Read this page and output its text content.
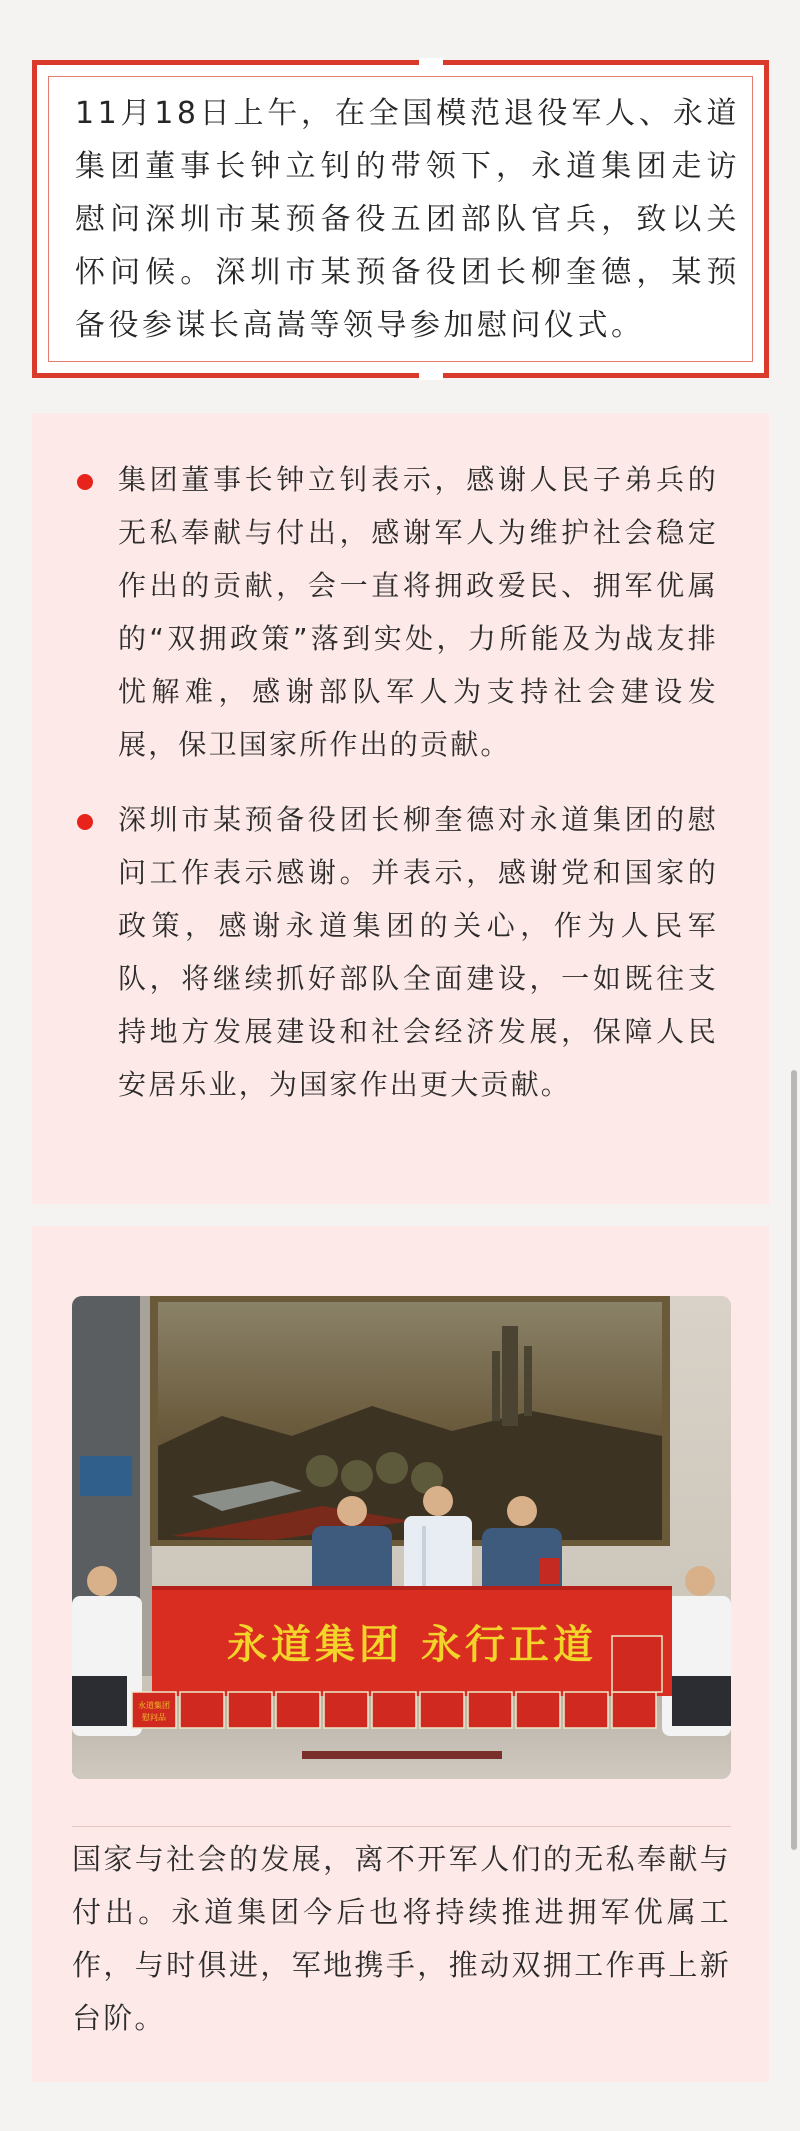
11月18日上午，在全国模范退役军人、永道集团董事长钟立钊的带领下，永道集团走访慰问深圳市某预备役五团部队官兵，致以关怀问候。深圳市某预备役团长柳奎德，某预备役参谋长高嵩等领导参加慰问仪式。
集团董事长钟立钊表示，感谢人民子弟兵的无私奉献与付出，感谢军人为维护社会稳定作出的贡献，会一直将拥政爱民、拥军优属的“双拥政策”落到实处，力所能及为战友排忧解难，感谢部队军人为支持社会建设发展，保卫国家所作出的贡献。
深圳市某预备役团长柳奎德对永道集团的慰问工作表示感谢。并表示，感谢党和国家的政策，感谢永道集团的关心，作为人民军队，将继续抓好部队全面建设，一如既往支持地方发展建设和社会经济发展，保障人民安居乐业，为国家作出更大贡献。
永道集团 永行正道
永道集团
慰问品
国家与社会的发展，离不开军人们的无私奉献与付出。永道集团今后也将持续推进拥军优属工作，与时俱进，军地携手，推动双拥工作再上新台阶。
